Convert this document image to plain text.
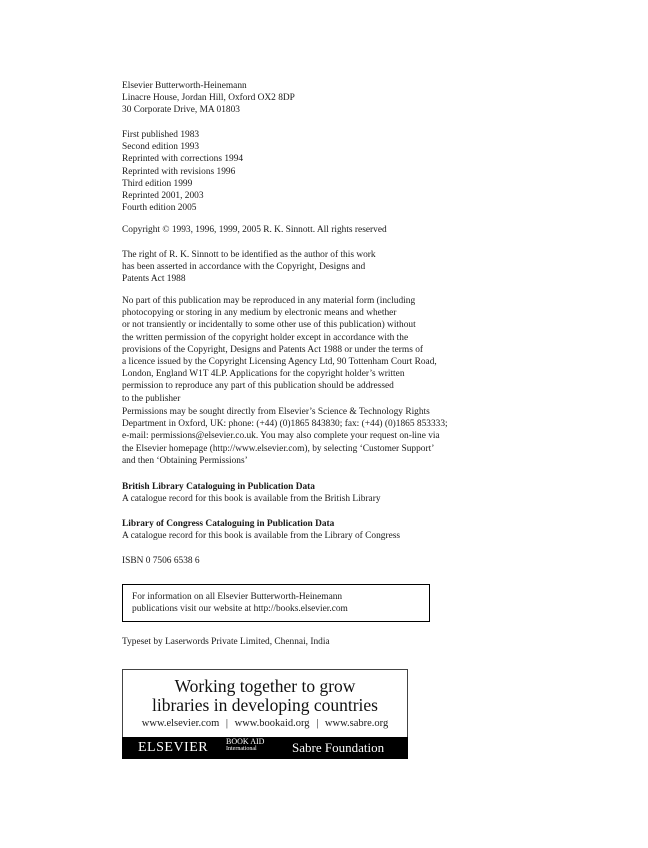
Elsevier Butterworth-Heinemann
Linacre House, Jordan Hill, Oxford OX2 8DP
30 Corporate Drive, MA 01803
First published 1983
Second edition 1993
Reprinted with corrections 1994
Reprinted with revisions 1996
Third edition 1999
Reprinted 2001, 2003
Fourth edition 2005
Copyright © 1993, 1996, 1999, 2005 R. K. Sinnott. All rights reserved
The right of R. K. Sinnott to be identified as the author of this work
has been asserted in accordance with the Copyright, Designs and
Patents Act 1988
No part of this publication may be reproduced in any material form (including
photocopying or storing in any medium by electronic means and whether
or not transiently or incidentally to some other use of this publication) without
the written permission of the copyright holder except in accordance with the
provisions of the Copyright, Designs and Patents Act 1988 or under the terms of
a licence issued by the Copyright Licensing Agency Ltd, 90 Tottenham Court Road,
London, England W1T 4LP. Applications for the copyright holder’s written
permission to reproduce any part of this publication should be addressed
to the publisher
Permissions may be sought directly from Elsevier’s Science & Technology Rights
Department in Oxford, UK: phone: (+44) (0)1865 843830; fax: (+44) (0)1865 853333;
e-mail: permissions@elsevier.co.uk. You may also complete your request on-line via
the Elsevier homepage (http://www.elsevier.com), by selecting ‘Customer Support’
and then ‘Obtaining Permissions’
British Library Cataloguing in Publication Data
A catalogue record for this book is available from the British Library
Library of Congress Cataloguing in Publication Data
A catalogue record for this book is available from the Library of Congress
ISBN 0 7506 6538 6
For information on all Elsevier Butterworth-Heinemann
publications visit our website at http://books.elsevier.com
Typeset by Laserwords Private Limited, Chennai, India
Working together to grow
libraries in developing countries
www.elsevier.com | www.bookaid.org | www.sabre.org
ELSEVIER BOOK AID
International	Sabre Foundation
